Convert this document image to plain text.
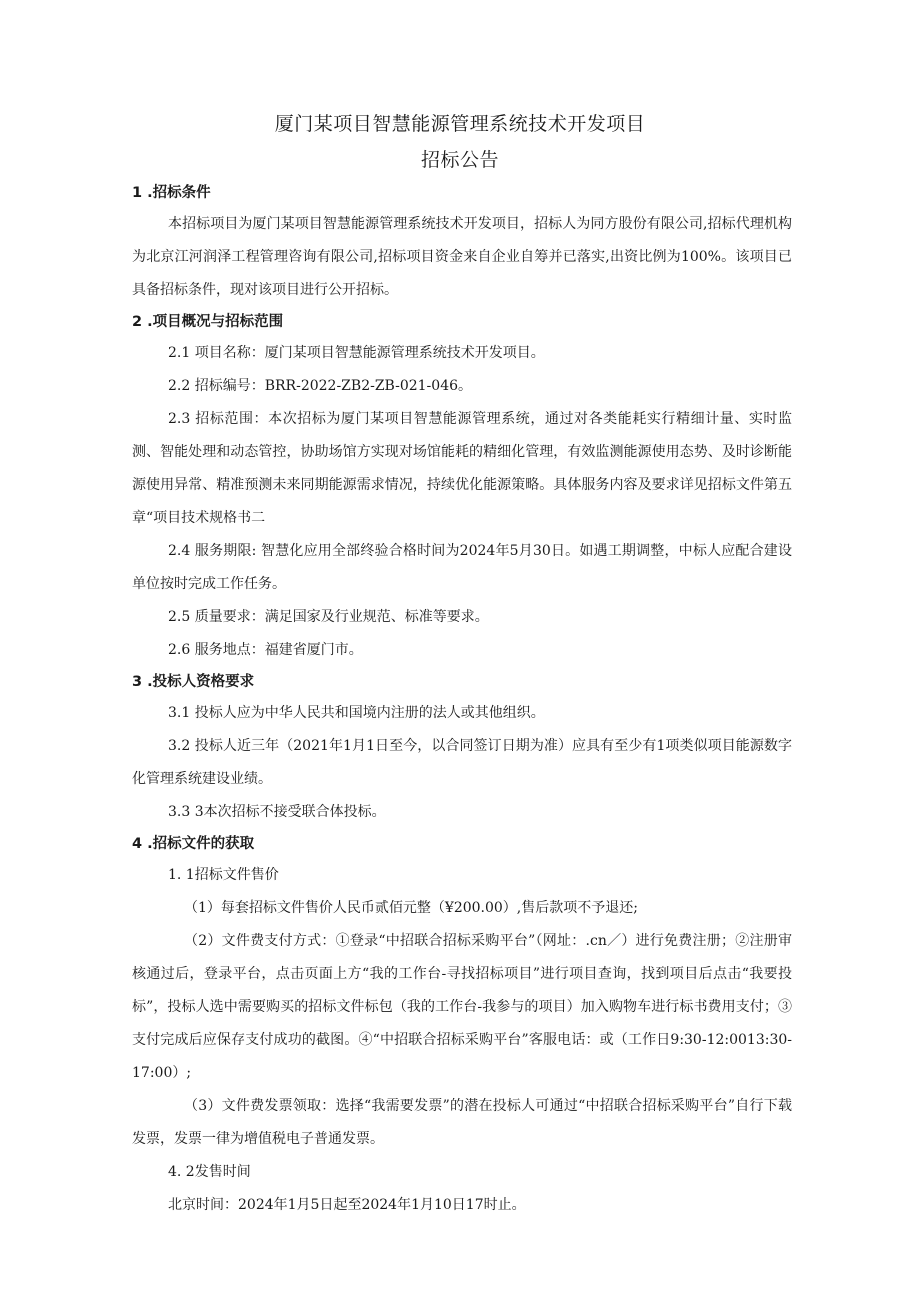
厦门某项目智慧能源管理系统技术开发项目
招标公告
1 .招标条件

本招标项目为厦门某项目智慧能源管理系统技术开发项目，招标人为同方股份有限公司,招标代理机构为北京江河润泽工程管理咨询有限公司,招标项目资金来自企业自筹并已落实,出资比例为100%。该项目已具备招标条件，现对该项目进行公开招标。

2 .项目概况与招标范围

2.1 项目名称：厦门某项目智慧能源管理系统技术开发项目。

2.2 招标编号：BRR-2022-ZB2-ZB-021-046。

2.3 招标范围：本次招标为厦门某项目智慧能源管理系统，通过对各类能耗实行精细计量、实时监测、智能处理和动态管控，协助场馆方实现对场馆能耗的精细化管理，有效监测能源使用态势、及时诊断能源使用异常、精准预测未来同期能源需求情况，持续优化能源策略。具体服务内容及要求详见招标文件第五章“项目技术规格书二

2.4 服务期限: 智慧化应用全部终验合格时间为2024年5月30日。如遇工期调整，中标人应配合建设单位按时完成工作任务。

2.5 质量要求：满足国家及行业规范、标准等要求。

2.6 服务地点：福建省厦门市。

3 .投标人资格要求

3.1 投标人应为中华人民共和国境内注册的法人或其他组织。

3.2 投标人近三年（2021年1月1日至今，以合同签订日期为准）应具有至少有1项类似项目能源数字化管理系统建设业绩。

3.3 3本次招标不接受联合体投标。

4 .招标文件的获取

1. 1招标文件售价

（1）每套招标文件售价人民币贰佰元整（¥200.00）,售后款项不予退还;

（2）文件费支付方式：①登录“中招联合招标采购平台”（网址：.cn／）进行免费注册；②注册审核通过后，登录平台，点击页面上方“我的工作台-寻找招标项目”进行项目查询，找到项目后点击“我要投标”，投标人选中需要购买的招标文件标包（我的工作台-我参与的项目）加入购物车进行标书费用支付；③支付完成后应保存支付成功的截图。④“中招联合招标采购平台”客服电话：或（工作日9:30-12:0013:30-17:00）;

（3）文件费发票领取：选择“我需要发票”的潜在投标人可通过“中招联合招标采购平台”自行下载发票，发票一律为增值税电子普通发票。

4. 2发售时间

北京时间：2024年1月5日起至2024年1月10日17时止。
